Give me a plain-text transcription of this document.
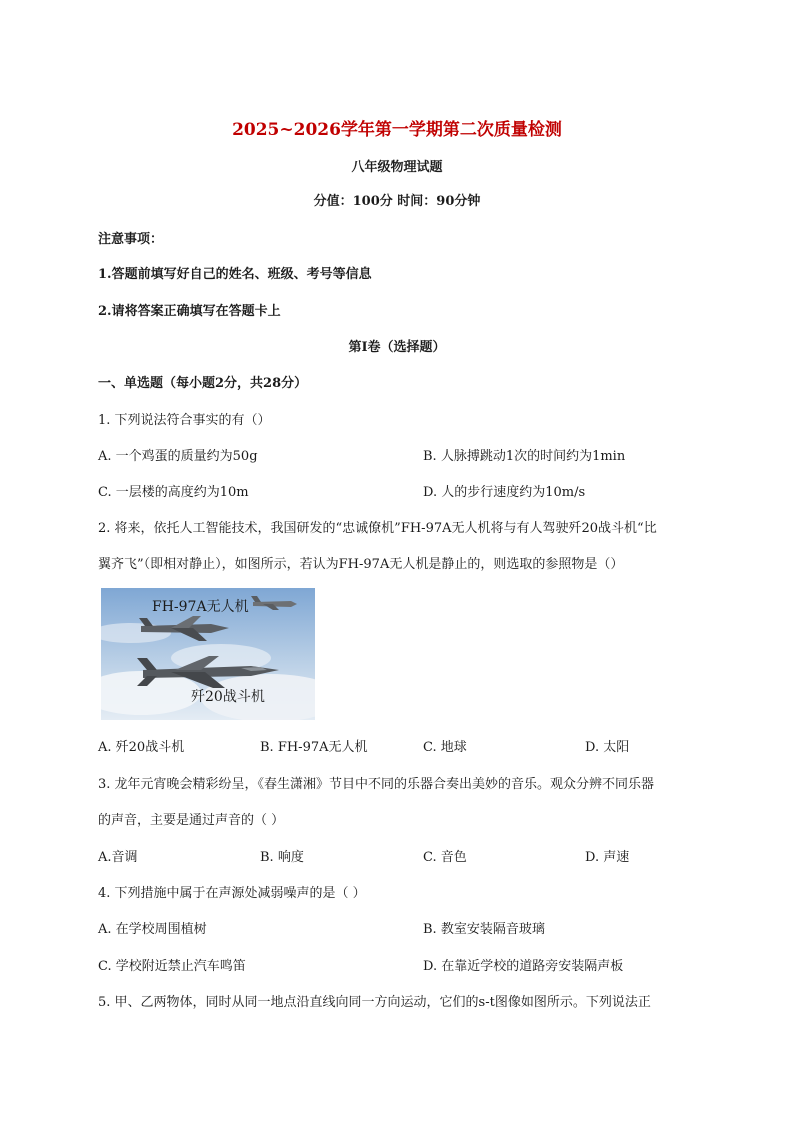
2025~2026学年第一学期第二次质量检测
八年级物理试题
分值：100分 时间：90分钟
注意事项：
1.答题前填写好自己的姓名、班级、考号等信息
2.请将答案正确填写在答题卡上
第I卷（选择题）
一、单选题（每小题2分，共28分）
1. 下列说法符合事实的有（）
A. 一个鸡蛋的质量约为50g	B. 人脉搏跳动1次的时间约为1min
C. 一层楼的高度约为10m	D. 人的步行速度约为10m/s
2. 将来，依托人工智能技术，我国研发的“忠诚僚机”FH-97A无人机将与有人驾驶歼20战斗机“比
翼齐飞”（即相对静止），如图所示，若认为FH-97A无人机是静止的，则选取的参照物是（）
FH-97A无人机
歼20战斗机
A. 歼20战斗机	B. FH-97A无人机	C. 地球	D. 太阳
3. 龙年元宵晚会精彩纷呈，《春生潇湘》节目中不同的乐器合奏出美妙的音乐。观众分辨不同乐器
的声音，主要是通过声音的（ ）
A.音调	B. 响度	C. 音色	D. 声速
4. 下列措施中属于在声源处减弱噪声的是（ ）
A. 在学校周围植树	B. 教室安装隔音玻璃
C. 学校附近禁止汽车鸣笛	D. 在靠近学校的道路旁安装隔声板
5. 甲、乙两物体，同时从同一地点沿直线向同一方向运动，它们的s-t图像如图所示。下列说法正
